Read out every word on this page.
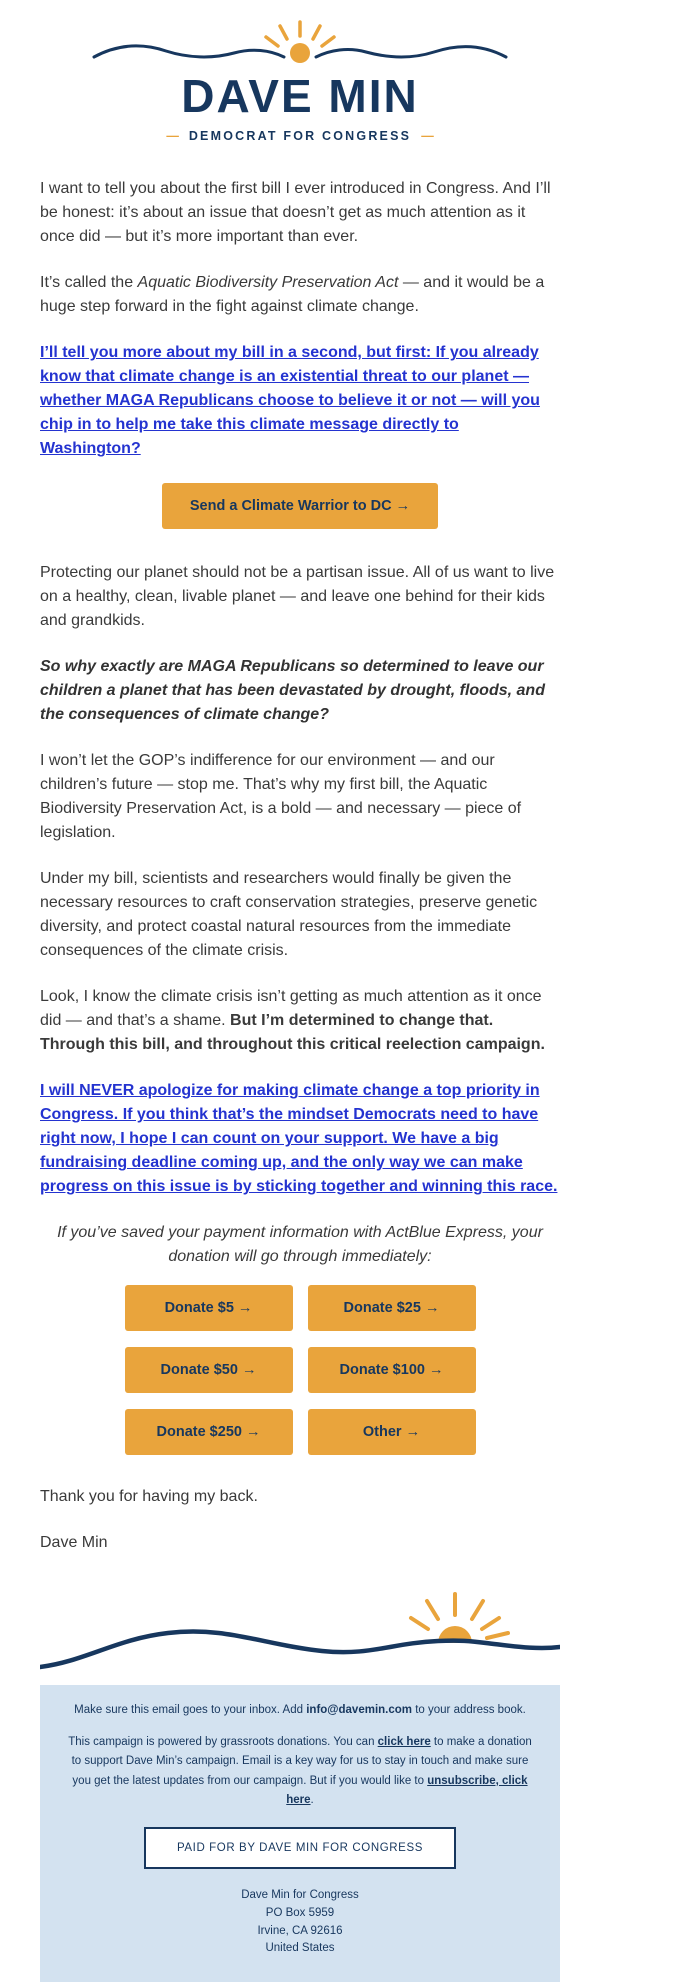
DAVE MIN
— DEMOCRAT FOR CONGRESS —

I want to tell you about the first bill I ever introduced in Congress. And I’ll be honest: it’s about an issue that doesn’t get as much attention as it once did — but it’s more important than ever.

It’s called the Aquatic Biodiversity Preservation Act — and it would be a huge step forward in the fight against climate change.

I’ll tell you more about my bill in a second, but first: If you already know that climate change is an existential threat to our planet — whether MAGA Republicans choose to believe it or not — will you chip in to help me take this climate message directly to Washington?

Send a Climate Warrior to DC →

Protecting our planet should not be a partisan issue. All of us want to live on a healthy, clean, livable planet — and leave one behind for their kids and grandkids.

So why exactly are MAGA Republicans so determined to leave our children a planet that has been devastated by drought, floods, and the consequences of climate change?

I won’t let the GOP’s indifference for our environment — and our children’s future — stop me. That’s why my first bill, the Aquatic Biodiversity Preservation Act, is a bold — and necessary — piece of legislation.

Under my bill, scientists and researchers would finally be given the necessary resources to craft conservation strategies, preserve genetic diversity, and protect coastal natural resources from the immediate consequences of the climate crisis.

Look, I know the climate crisis isn’t getting as much attention as it once did — and that’s a shame. But I’m determined to change that. Through this bill, and throughout this critical reelection campaign.

I will NEVER apologize for making climate change a top priority in Congress. If you think that’s the mindset Democrats need to have right now, I hope I can count on your support. We have a big fundraising deadline coming up, and the only way we can make progress on this issue is by sticking together and winning this race.

If you’ve saved your payment information with ActBlue Express, your donation will go through immediately:

Donate $5 →	Donate $25 →
Donate $50 →	Donate $100 →
Donate $250 →	Other →

Thank you for having my back.

Dave Min

Make sure this email goes to your inbox. Add info@davemin.com to your address book.

This campaign is powered by grassroots donations. You can click here to make a donation to support Dave Min’s campaign. Email is a key way for us to stay in touch and make sure you get the latest updates from our campaign. But if you would like to unsubscribe, click here.

PAID FOR BY DAVE MIN FOR CONGRESS
Dave Min for Congress
PO Box 5959
Irvine, CA 92616
United States
